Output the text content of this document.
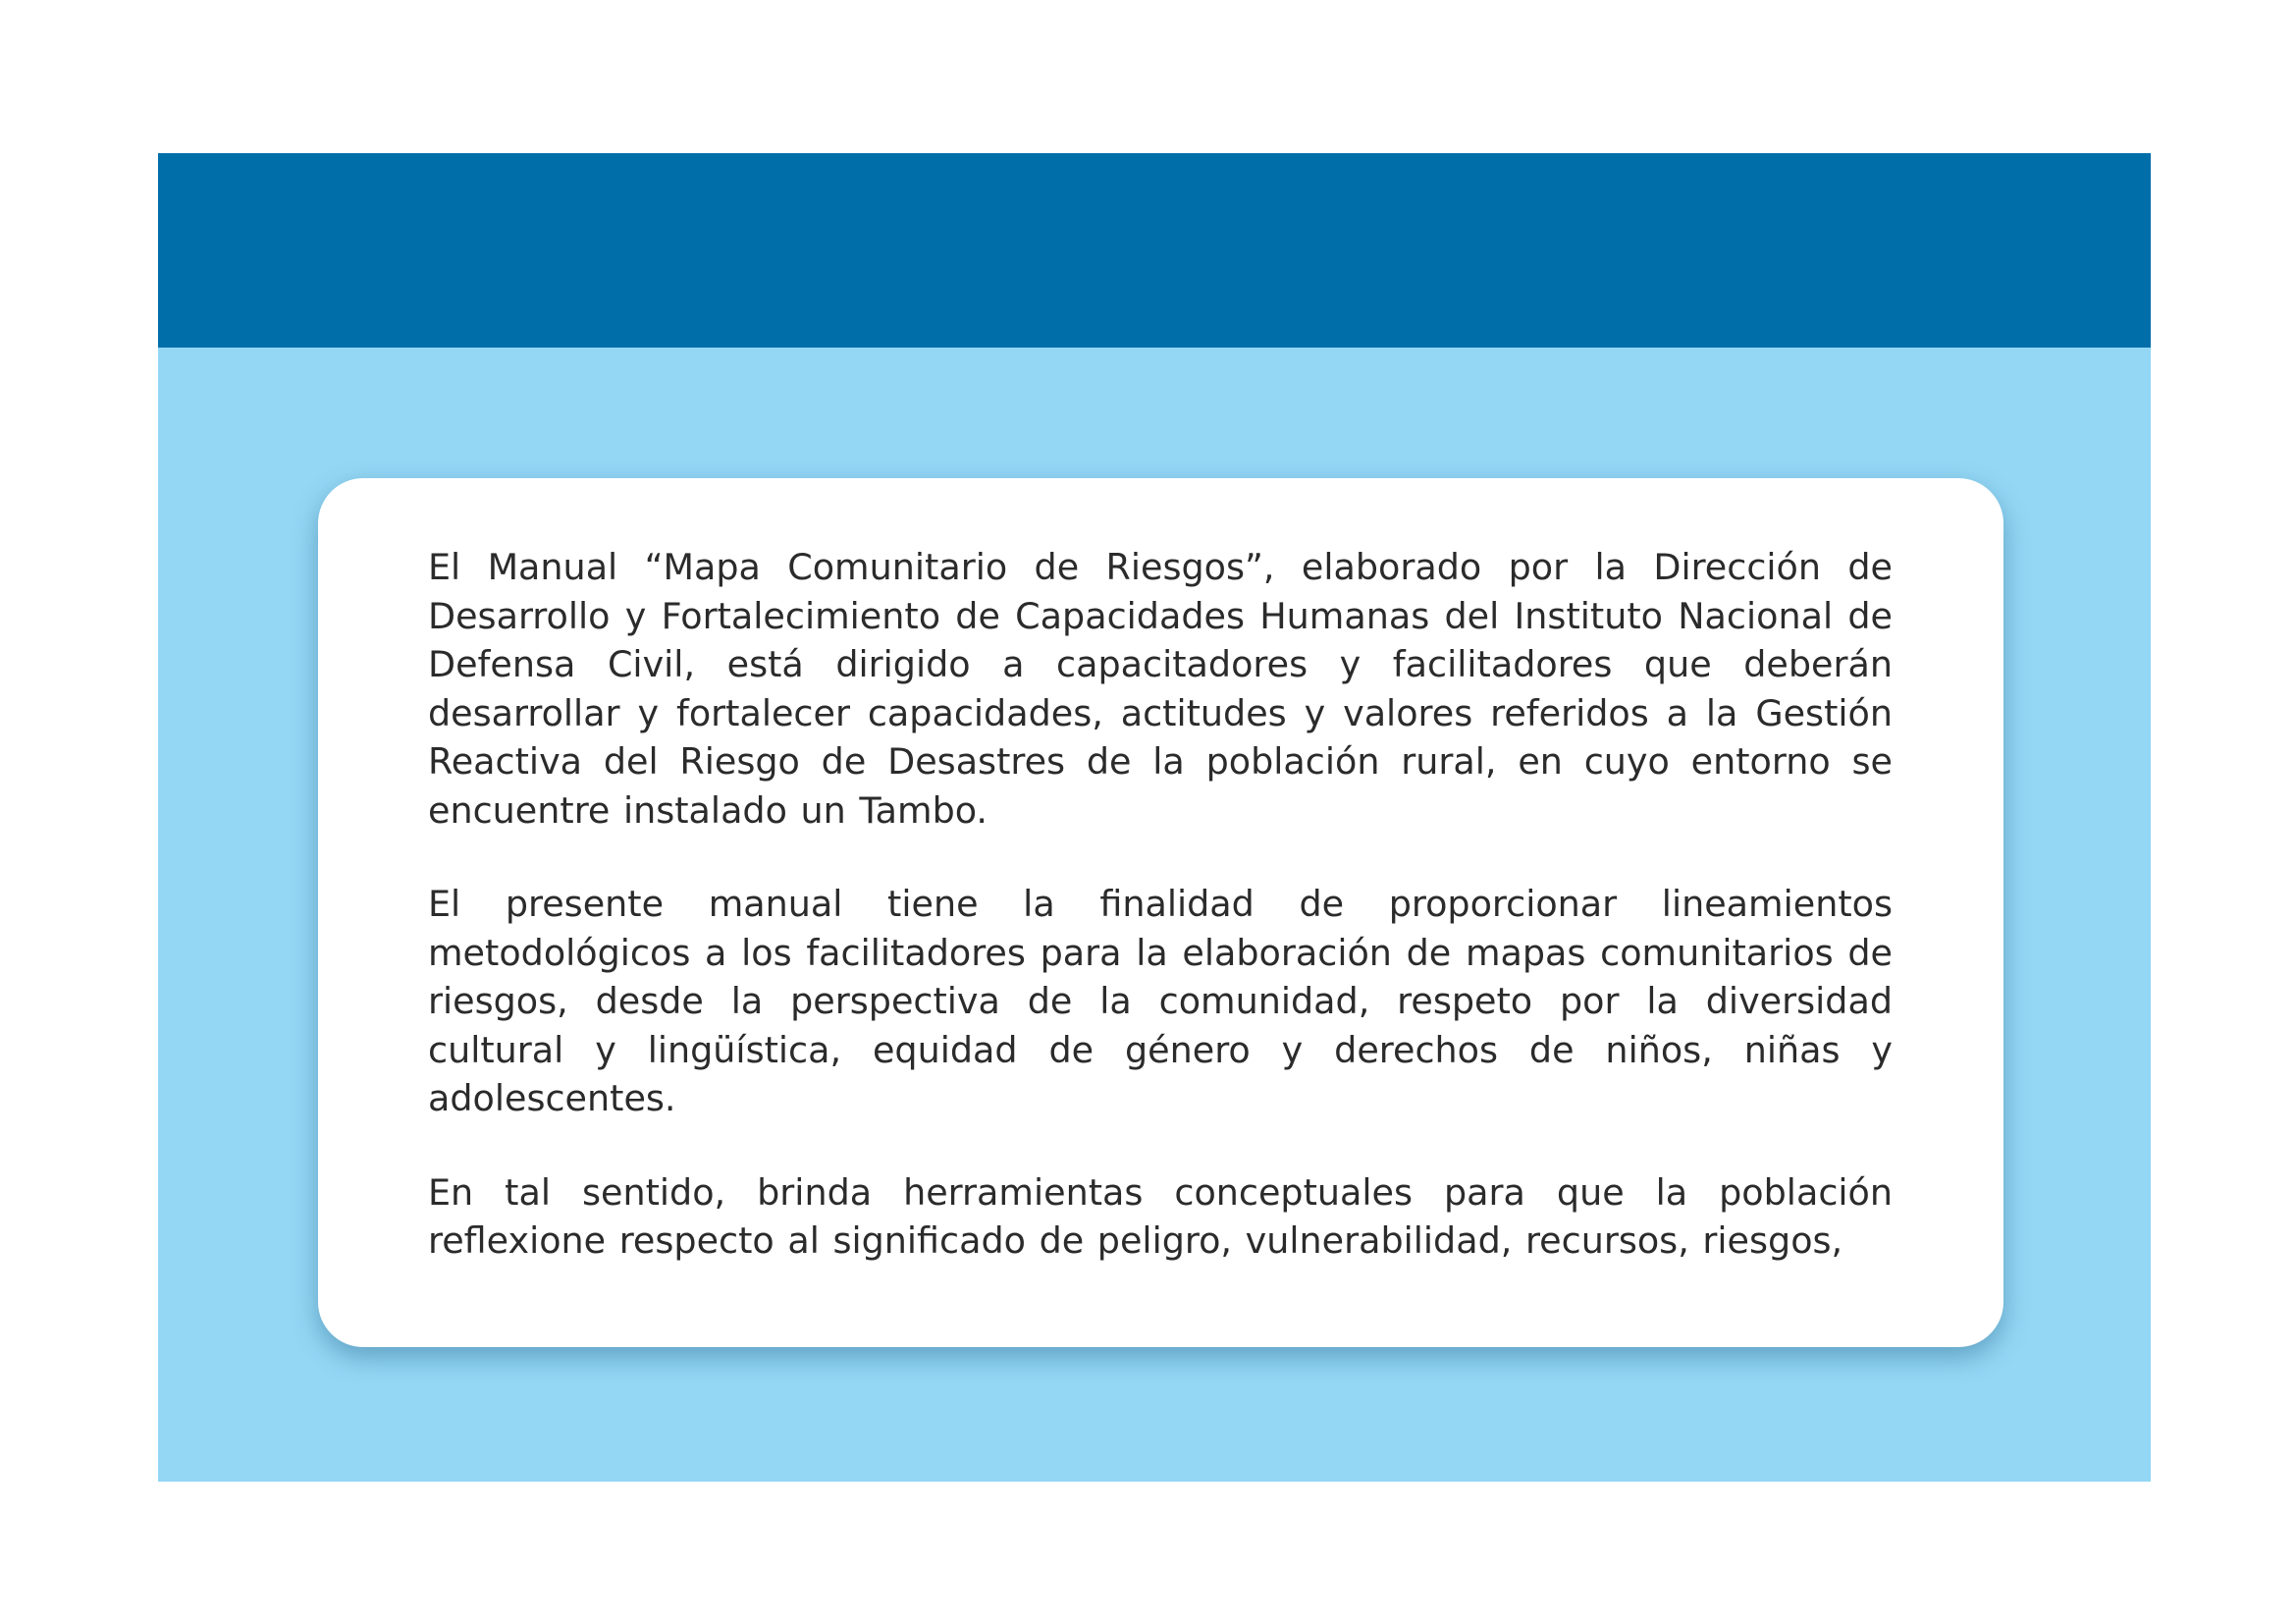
El Manual “Mapa Comunitario de Riesgos”, elaborado por la Dirección de Desarrollo y Fortalecimiento de Capacidades Humanas del Instituto Nacional de Defensa Civil, está dirigido a capacitadores y facilitadores que deberán desarrollar y fortalecer capacidades, actitudes y valores referidos a la Gestión Reactiva del Riesgo de Desastres de la población rural, en cuyo entorno se encuentre instalado un Tambo.

El presente manual tiene la finalidad de proporcionar lineamientos metodológicos a los facilitadores para la elaboración de mapas comunitarios de riesgos, desde la perspectiva de la comunidad, respeto por la diversidad cultural y lingüística, equidad de género y derechos de niños, niñas y adolescentes.

En tal sentido, brinda herramientas conceptuales para que la población reflexione respecto al significado de peligro, vulnerabilidad, recursos, riesgos,
